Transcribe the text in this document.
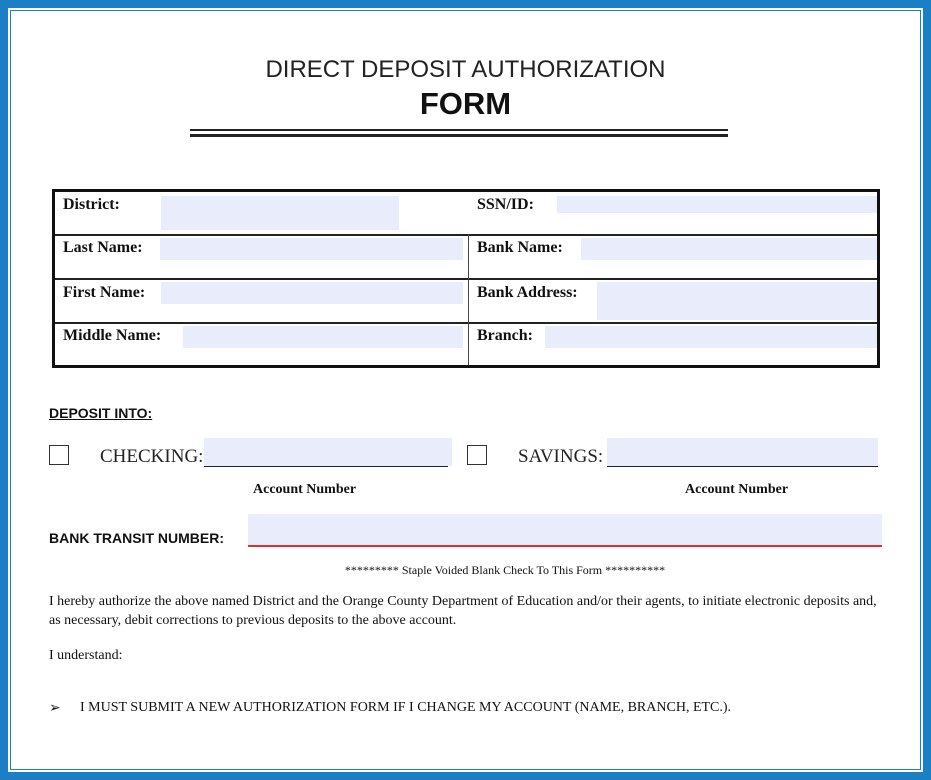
DIRECT DEPOSIT AUTHORIZATION
FORM
District:	SSN/ID:
Last Name:	Bank Name:
First Name:	Bank Address:
Middle Name:	Branch:
DEPOSIT INTO:
CHECKING:
Account Number
SAVINGS:
Account Number
BANK TRANSIT NUMBER:
********* Staple Voided Blank Check To This Form **********
I hereby authorize the above named District and the Orange County Department of Education and/or their agents, to initiate electronic deposits and, as necessary, debit corrections to previous deposits to the above account.
I understand:
➢ I MUST SUBMIT A NEW AUTHORIZATION FORM IF I CHANGE MY ACCOUNT (NAME, BRANCH, ETC.).
